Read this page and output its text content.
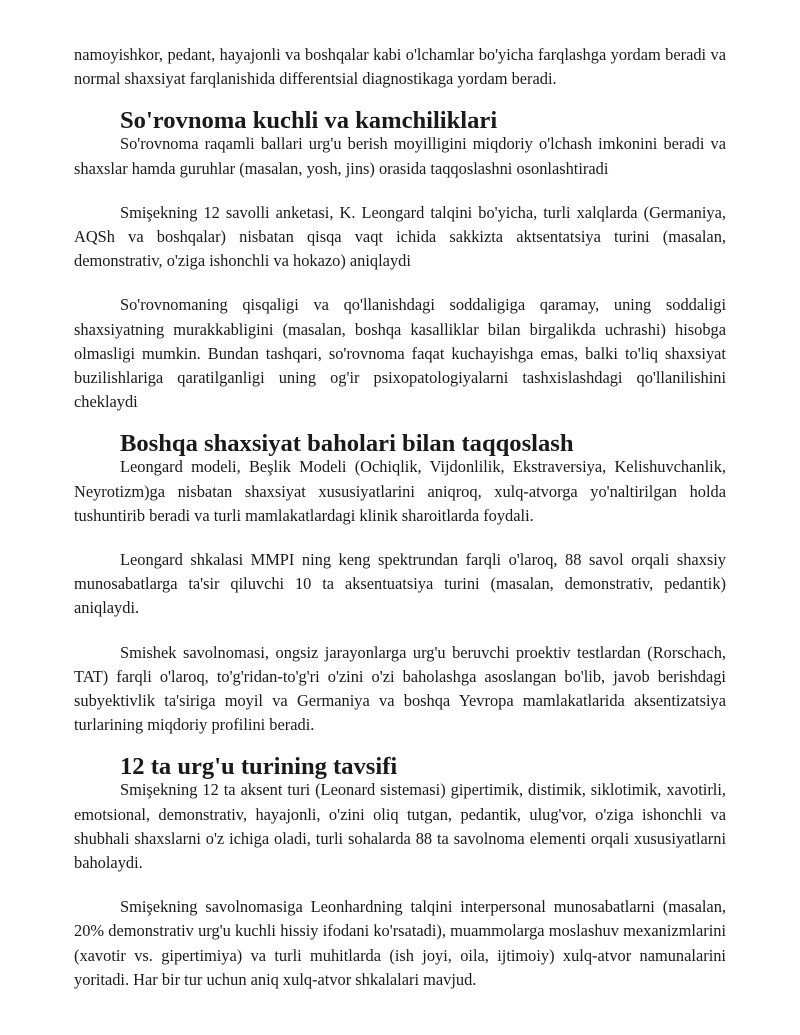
namoyishkor, pedant, hayajonli va boshqalar kabi o'lchamlar bo'yicha farqlashga yordam beradi va normal shaxsiyat farqlanishida differentsial diagnostikaga yordam beradi.

So'rovnoma kuchli va kamchiliklari

So'rovnoma raqamli ballari urg'u berish moyilligini miqdoriy o'lchash imkonini beradi va shaxslar hamda guruhlar (masalan, yosh, jins) orasida taqqoslashni osonlashtiradi

Smişekning 12 savolli anketasi, K. Leongard talqini bo'yicha, turli xalqlarda (Germaniya, AQSh va boshqalar) nisbatan qisqa vaqt ichida sakkizta aktsentatsiya turini (masalan, demonstrativ, o'ziga ishonchli va hokazo) aniqlaydi

So'rovnomaning qisqaligi va qo'llanishdagi soddaligiga qaramay, uning soddaligi shaxsiyatning murakkabligini (masalan, boshqa kasalliklar bilan birgalikda uchrashi) hisobga olmasligi mumkin. Bundan tashqari, so'rovnoma faqat kuchayishga emas, balki to'liq shaxsiyat buzilishlariga qaratilganligi uning og'ir psixopatologiyalarni tashxislashdagi qo'llanilishini cheklaydi

Boshqa shaxsiyat baholari bilan taqqoslash

Leongard modeli, Beşlik Modeli (Ochiqlik, Vijdonlilik, Ekstraversiya, Kelishuvchanlik, Neyrotizm)ga nisbatan shaxsiyat xususiyatlarini aniqroq, xulq-atvorga yo'naltirilgan holda tushuntirib beradi va turli mamlakatlardagi klinik sharoitlarda foydali.

Leongard shkalasi MMPI ning keng spektrundan farqli o'laroq, 88 savol orqali shaxsiy munosabatlarga ta'sir qiluvchi 10 ta aksentuatsiya turini (masalan, demonstrativ, pedantik) aniqlaydi.

Smishek savolnomasi, ongsiz jarayonlarga urg'u beruvchi proektiv testlardan (Rorschach, TAT) farqli o'laroq, to'g'ridan-to'g'ri o'zini o'zi baholashga asoslangan bo'lib, javob berishdagi subyektivlik ta'siriga moyil va Germaniya va boshqa Yevropa mamlakatlarida aksentizatsiya turlarining miqdoriy profilini beradi.

12 ta urg'u turining tavsifi

Smişekning 12 ta aksent turi (Leonard sistemasi) gipertimik, distimik, siklotimik, xavotirli, emotsional, demonstrativ, hayajonli, o'zini oliq tutgan, pedantik, ulug'vor, o'ziga ishonchli va shubhali shaxslarni o'z ichiga oladi, turli sohalarda 88 ta savolnoma elementi orqali xususiyatlarni baholaydi.

Smişekning savolnomasiga Leonhardning talqini interpersonal munosabatlarni (masalan, 20% demonstrativ urg'u kuchli hissiy ifodani ko'rsatadi), muammolarga moslashuv mexanizmlarini (xavotir vs. gipertimiya) va turli muhitlarda (ish joyi, oila, ijtimoiy) xulq-atvor namunalarini yoritadi. Har bir tur uchun aniq xulq-atvor shkalalari mavjud.
